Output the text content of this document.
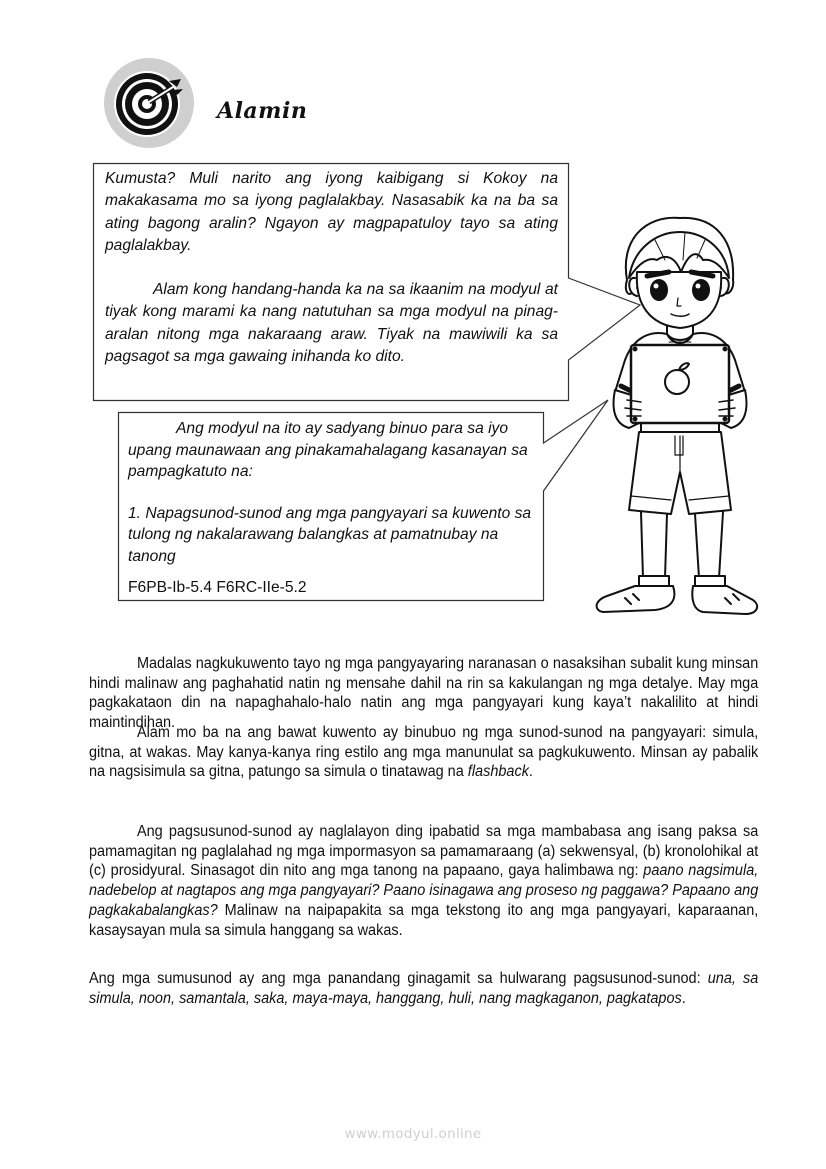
Alamin

Kumusta? Muli narito ang iyong kaibigang si Kokoy na makakasama mo sa iyong paglalakbay. Nasasabik ka na ba sa ating bagong aralin? Ngayon ay magpapatuloy tayo sa ating paglalakbay.

Alam kong handang-handa ka na sa ikaanim na modyul at tiyak kong marami ka nang natutuhan sa mga modyul na pinag-aralan nitong mga nakaraang araw. Tiyak na mawiwili ka sa pagsagot sa mga gawaing inihanda ko dito.

Ang modyul na ito ay sadyang binuo para sa iyo upang maunawaan ang pinakamahalagang kasanayan sa pampagkatuto na:

1. Napagsunod-sunod ang mga pangyayari sa kuwento sa tulong ng nakalarawang balangkas at pamatnubay na tanong

F6PB-Ib-5.4 F6RC-IIe-5.2

Madalas nagkukuwento tayo ng mga pangyayaring naranasan o nasaksihan subalit kung minsan hindi malinaw ang paghahatid natin ng mensahe dahil na rin sa kakulangan ng mga detalye. May mga pagkakataon din na napaghahalo-halo natin ang mga pangyayari kung kaya’t nakalilito at hindi maintindihan.
Alam mo ba na ang bawat kuwento ay binubuo ng mga sunod-sunod na pangyayari: simula, gitna, at wakas. May kanya-kanya ring estilo ang mga manunulat sa pagkukuwento. Minsan ay pabalik na nagsisimula sa gitna, patungo sa simula o tinatawag na flashback.
Ang pagsusunod-sunod ay naglalayon ding ipabatid sa mga mambabasa ang isang paksa sa pamamagitan ng paglalahad ng mga impormasyon sa pamamaraang (a) sekwensyal, (b) kronolohikal at (c) prosidyural. Sinasagot din nito ang mga tanong na papaano, gaya halimbawa ng: paano nagsimula, nadebelop at nagtapos ang mga pangyayari? Paano isinagawa ang proseso ng paggawa? Papaano ang pagkakabalangkas? Malinaw na naipapakita sa mga tekstong ito ang mga pangyayari, kaparaanan, kasaysayan mula sa simula hanggang sa wakas.
Ang mga sumusunod ay ang mga panandang ginagamit sa hulwarang pagsusunod-sunod: una, sa simula, noon, samantala, saka, maya-maya, hanggang, huli, nang magkaganon, pagkatapos.
www.modyul.online
